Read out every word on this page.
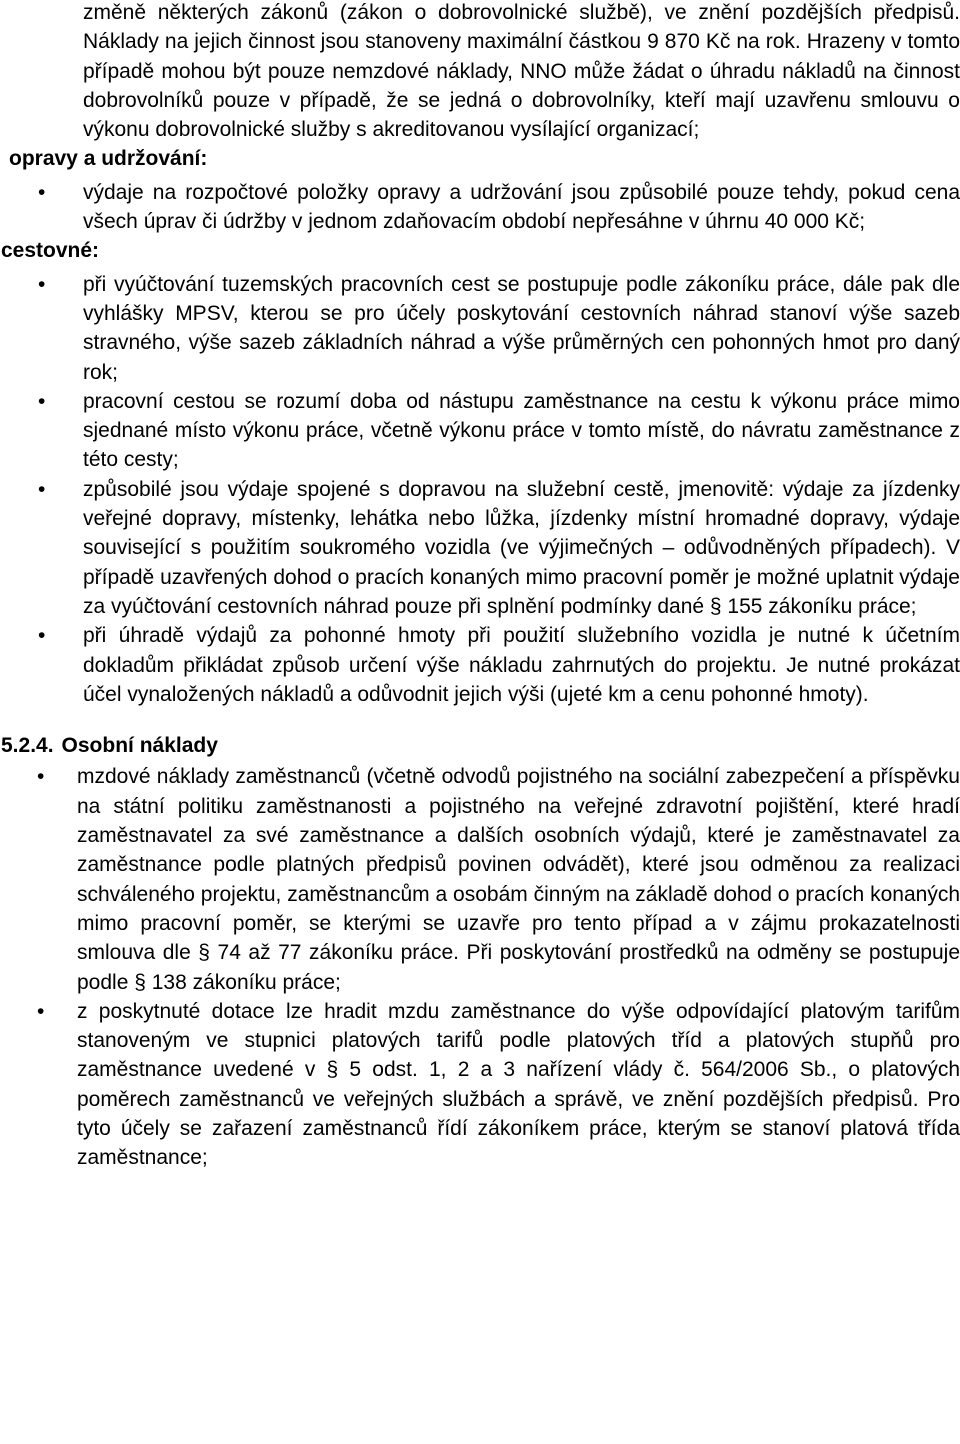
změně některých zákonů (zákon o dobrovolnické službě), ve znění pozdějších předpisů. Náklady na jejich činnost jsou stanoveny maximální částkou 9 870 Kč na rok. Hrazeny v tomto případě mohou být pouze nemzdové náklady, NNO může žádat o úhradu nákladů na činnost dobrovolníků pouze v případě, že se jedná o dobrovolníky, kteří mají uzavřenu smlouvu o výkonu dobrovolnické služby s akreditovanou vysílající organizací;

opravy a udržování:
• výdaje na rozpočtové položky opravy a udržování jsou způsobilé pouze tehdy, pokud cena všech úprav či údržby v jednom zdaňovacím období nepřesáhne v úhrnu 40 000 Kč;
cestovné:
• při vyúčtování tuzemských pracovních cest se postupuje podle zákoníku práce, dále pak dle vyhlášky MPSV, kterou se pro účely poskytování cestovních náhrad stanoví výše sazeb stravného, výše sazeb základních náhrad a výše průměrných cen pohonných hmot pro daný rok;
• pracovní cestou se rozumí doba od nástupu zaměstnance na cestu k výkonu práce mimo sjednané místo výkonu práce, včetně výkonu práce v tomto místě, do návratu zaměstnance z této cesty;
• způsobilé jsou výdaje spojené s dopravou na služební cestě, jmenovitě: výdaje za jízdenky veřejné dopravy, místenky, lehátka nebo lůžka, jízdenky místní hromadné dopravy, výdaje související s použitím soukromého vozidla (ve výjimečných – odůvodněných případech). V případě uzavřených dohod o pracích konaných mimo pracovní poměr je možné uplatnit výdaje za vyúčtování cestovních náhrad pouze při splnění podmínky dané § 155 zákoníku práce;
• při úhradě výdajů za pohonné hmoty při použití služebního vozidla je nutné k účetním dokladům přikládat způsob určení výše nákladu zahrnutých do projektu. Je nutné prokázat účel vynaložených nákladů a odůvodnit jejich výši (ujeté km a cenu pohonné hmoty).
5.2.4. Osobní náklady
• mzdové náklady zaměstnanců (včetně odvodů pojistného na sociální zabezpečení a příspěvku na státní politiku zaměstnanosti a pojistného na veřejné zdravotní pojištění, které hradí zaměstnavatel za své zaměstnance a dalších osobních výdajů, které je zaměstnavatel za zaměstnance podle platných předpisů povinen odvádět), které jsou odměnou za realizaci schváleného projektu, zaměstnancům a osobám činným na základě dohod o pracích konaných mimo pracovní poměr, se kterými se uzavře pro tento případ a v zájmu prokazatelnosti smlouva dle § 74 až 77 zákoníku práce. Při poskytování prostředků na odměny se postupuje podle § 138 zákoníku práce;
• z poskytnuté dotace lze hradit mzdu zaměstnance do výše odpovídající platovým tarifům stanoveným ve stupnici platových tarifů podle platových tříd a platových stupňů pro zaměstnance uvedené v § 5 odst. 1, 2 a 3 nařízení vlády č. 564/2006 Sb., o platových poměrech zaměstnanců ve veřejných službách a správě, ve znění pozdějších předpisů. Pro tyto účely se zařazení zaměstnanců řídí zákoníkem práce, kterým se stanoví platová třída zaměstnance;
